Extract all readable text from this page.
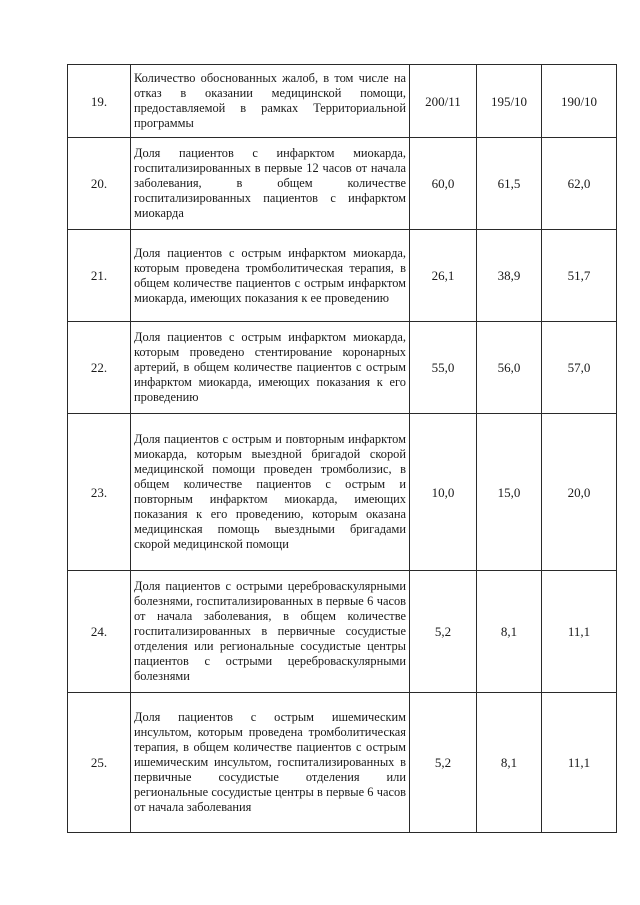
19.	Количество обоснованных жалоб, в том числе на отказ в оказании медицинской помощи, предоставляемой в рамках Территориальной программы	200/11	195/10	190/10
20.	Доля пациентов с инфарктом миокарда, госпитализированных в первые 12 часов от начала заболевания, в общем количестве госпитализированных пациентов с инфарктом миокарда	60,0	61,5	62,0
21.	Доля пациентов с острым инфарктом миокарда, которым проведена тромболитическая терапия, в общем количестве пациентов с острым инфарктом миокарда, имеющих показания к ее проведению	26,1	38,9	51,7
22.	Доля пациентов с острым инфарктом миокарда, которым проведено стентирование коронарных артерий, в общем количестве пациентов с острым инфарктом миокарда, имеющих показания к его проведению	55,0	56,0	57,0
23.	Доля пациентов с острым и повторным инфарктом миокарда, которым выездной бригадой скорой медицинской помощи проведен тромболизис, в общем количестве пациентов с острым и повторным инфарктом миокарда, имеющих показания к его проведению, которым оказана медицинская помощь выездными бригадами скорой медицинской помощи	10,0	15,0	20,0
24.	Доля пациентов с острыми цереброваскулярными болезнями, госпитализированных в первые 6 часов от начала заболевания, в общем количестве госпитализированных в первичные сосудистые отделения или региональные сосудистые центры пациентов с острыми цереброваскулярными болезнями	5,2	8,1	11,1
25.	Доля пациентов с острым ишемическим инсультом, которым проведена тромболитическая терапия, в общем количестве пациентов с острым ишемическим инсультом, госпитализированных в первичные сосудистые отделения или региональные сосудистые центры в первые 6 часов от начала заболевания	5,2	8,1	11,1
